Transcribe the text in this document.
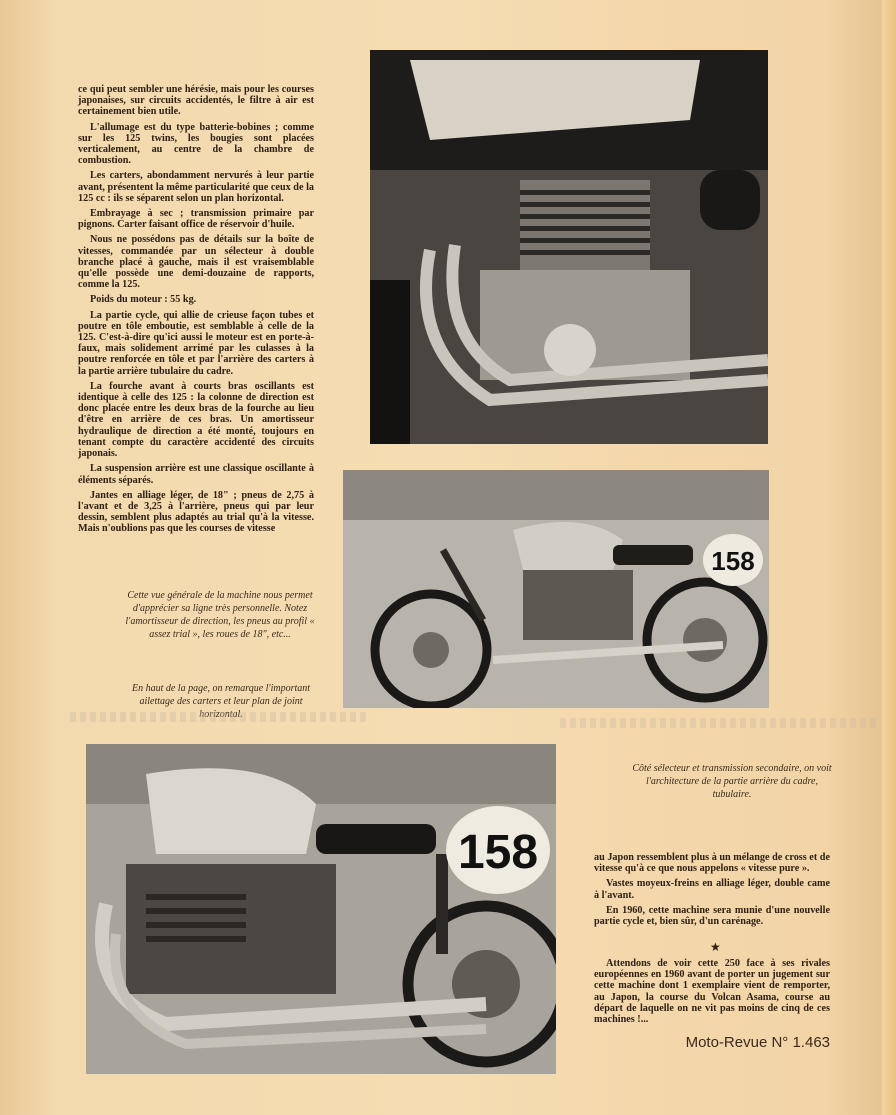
ce qui peut sembler une hérésie, mais pour les courses japonaises, sur circuits accidentés, le filtre à air est certainement bien utile.

L'allumage est du type batterie-bobines ; comme sur les 125 twins, les bougies sont placées verticalement, au centre de la chambre de combustion.

Les carters, abondamment nervurés à leur partie avant, présentent la même particularité que ceux de la 125 cc : ils se séparent selon un plan horizontal.

Embrayage à sec ; transmission primaire par pignons. Carter faisant office de réservoir d'huile.

Nous ne possédons pas de détails sur la boîte de vitesses, commandée par un sélecteur à double branche placé à gauche, mais il est vraisemblable qu'elle possède une demi-douzaine de rapports, comme la 125.

Poids du moteur : 55 kg.

La partie cycle, qui allie de crieuse façon tubes et poutre en tôle emboutie, est semblable à celle de la 125. C'est-à-dire qu'ici aussi le moteur est en porte-à-faux, mais solidement arrimé par les culasses à la poutre renforcée en tôle et par l'arrière des carters à la partie arrière tubulaire du cadre.

La fourche avant à courts bras oscillants est identique à celle des 125 : la colonne de direction est donc placée entre les deux bras de la fourche au lieu d'être en arrière de ces bras. Un amortisseur hydraulique de direction a été monté, toujours en tenant compte du caractère accidenté des circuits japonais.

La suspension arrière est une classique oscillante à éléments séparés.

Jantes en alliage léger, de 18" ; pneus de 2,75 à l'avant et de 3,25 à l'arrière, pneus qui par leur dessin, semblent plus adaptés au trial qu'à la vitesse. Mais n'oublions pas que les courses de vitesse

158
Cette vue générale de la machine nous permet d'apprécier sa ligne très personnelle. Notez l'amortisseur de direction, les pneus au profil « assez trial », les roues de 18", etc...
En haut de la page, on remarque l'important ailettage des carters et leur plan de joint horizontal.
158
Côté sélecteur et transmission secondaire, on voit l'architecture de la partie arrière du cadre, tubulaire.

au Japon ressemblent plus à un mélange de cross et de vitesse qu'à ce que nous appelons « vitesse pure ».

Vastes moyeux-freins en alliage léger, double came à l'avant.

En 1960, cette machine sera munie d'une nouvelle partie cycle et, bien sûr, d'un carénage.

★

Attendons de voir cette 250 face à ses rivales européennes en 1960 avant de porter un jugement sur cette machine dont 1 exemplaire vient de remporter, au Japon, la course du Volcan Asama, course au départ de laquelle on ne vit pas moins de cinq de ces machines !...

Moto-Revue N° 1.463
